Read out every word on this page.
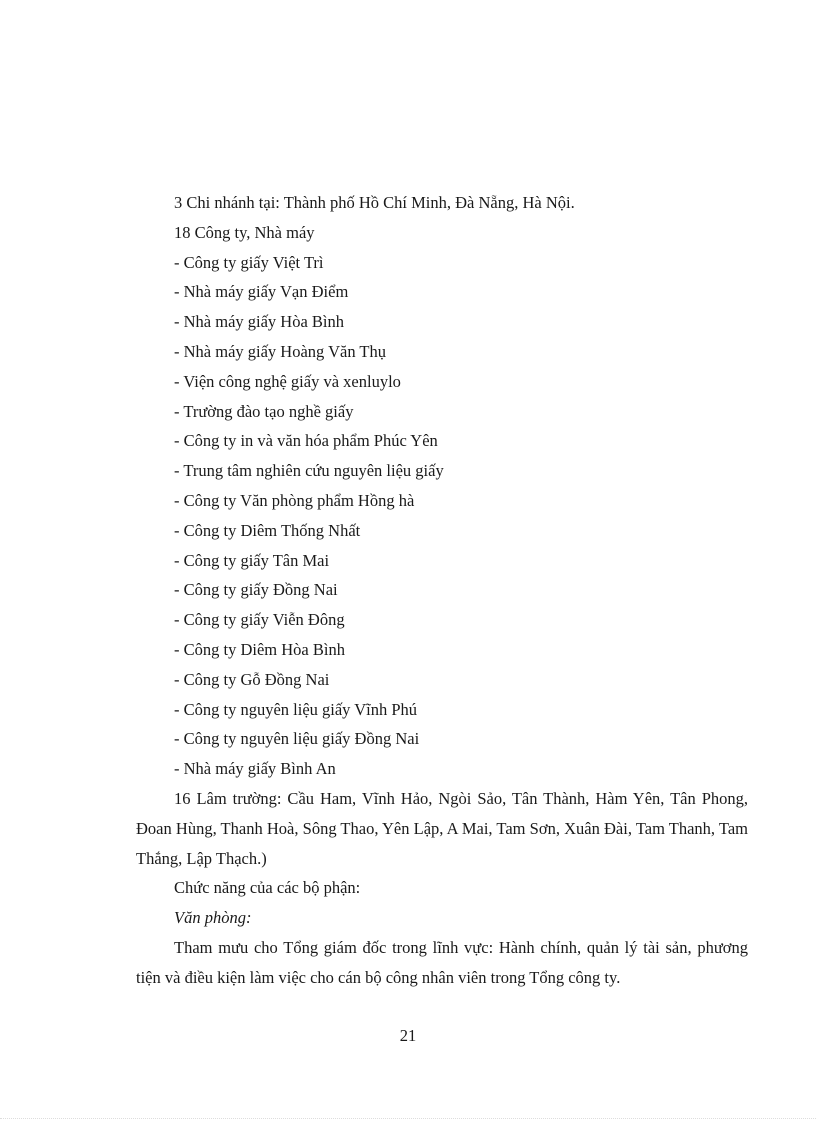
3 Chi nhánh tại: Thành phố Hồ Chí Minh, Đà Nẵng, Hà Nội.

18 Công ty, Nhà máy

- Công ty giấy Việt Trì

- Nhà máy giấy Vạn Điểm

- Nhà máy giấy Hòa Bình

- Nhà máy giấy Hoàng Văn Thụ

- Viện công nghệ giấy và xenluylo

- Trường đào tạo nghề giấy

- Công ty in và văn hóa phẩm Phúc Yên

- Trung tâm nghiên cứu nguyên liệu giấy

- Công ty Văn phòng phẩm Hồng hà

- Công ty Diêm Thống Nhất

- Công ty giấy Tân Mai

- Công ty giấy Đồng Nai

- Công ty giấy Viễn Đông

- Công ty Diêm Hòa Bình

- Công ty Gỗ Đồng Nai

- Công ty nguyên liệu giấy Vĩnh Phú

- Công ty nguyên liệu giấy Đồng Nai

- Nhà máy giấy Bình An

16 Lâm trường: Cầu Ham, Vĩnh Hảo, Ngòi Sảo, Tân Thành, Hàm Yên, Tân Phong, Đoan Hùng, Thanh Hoà, Sông Thao, Yên Lập, A Mai, Tam Sơn, Xuân Đài, Tam Thanh, Tam Thắng, Lập Thạch.)

Chức năng của các bộ phận:

Văn phòng:

Tham mưu cho Tổng giám đốc trong lĩnh vực: Hành chính, quản lý tài sản, phương tiện và điều kiện làm việc cho cán bộ công nhân viên trong Tổng công ty.

21
